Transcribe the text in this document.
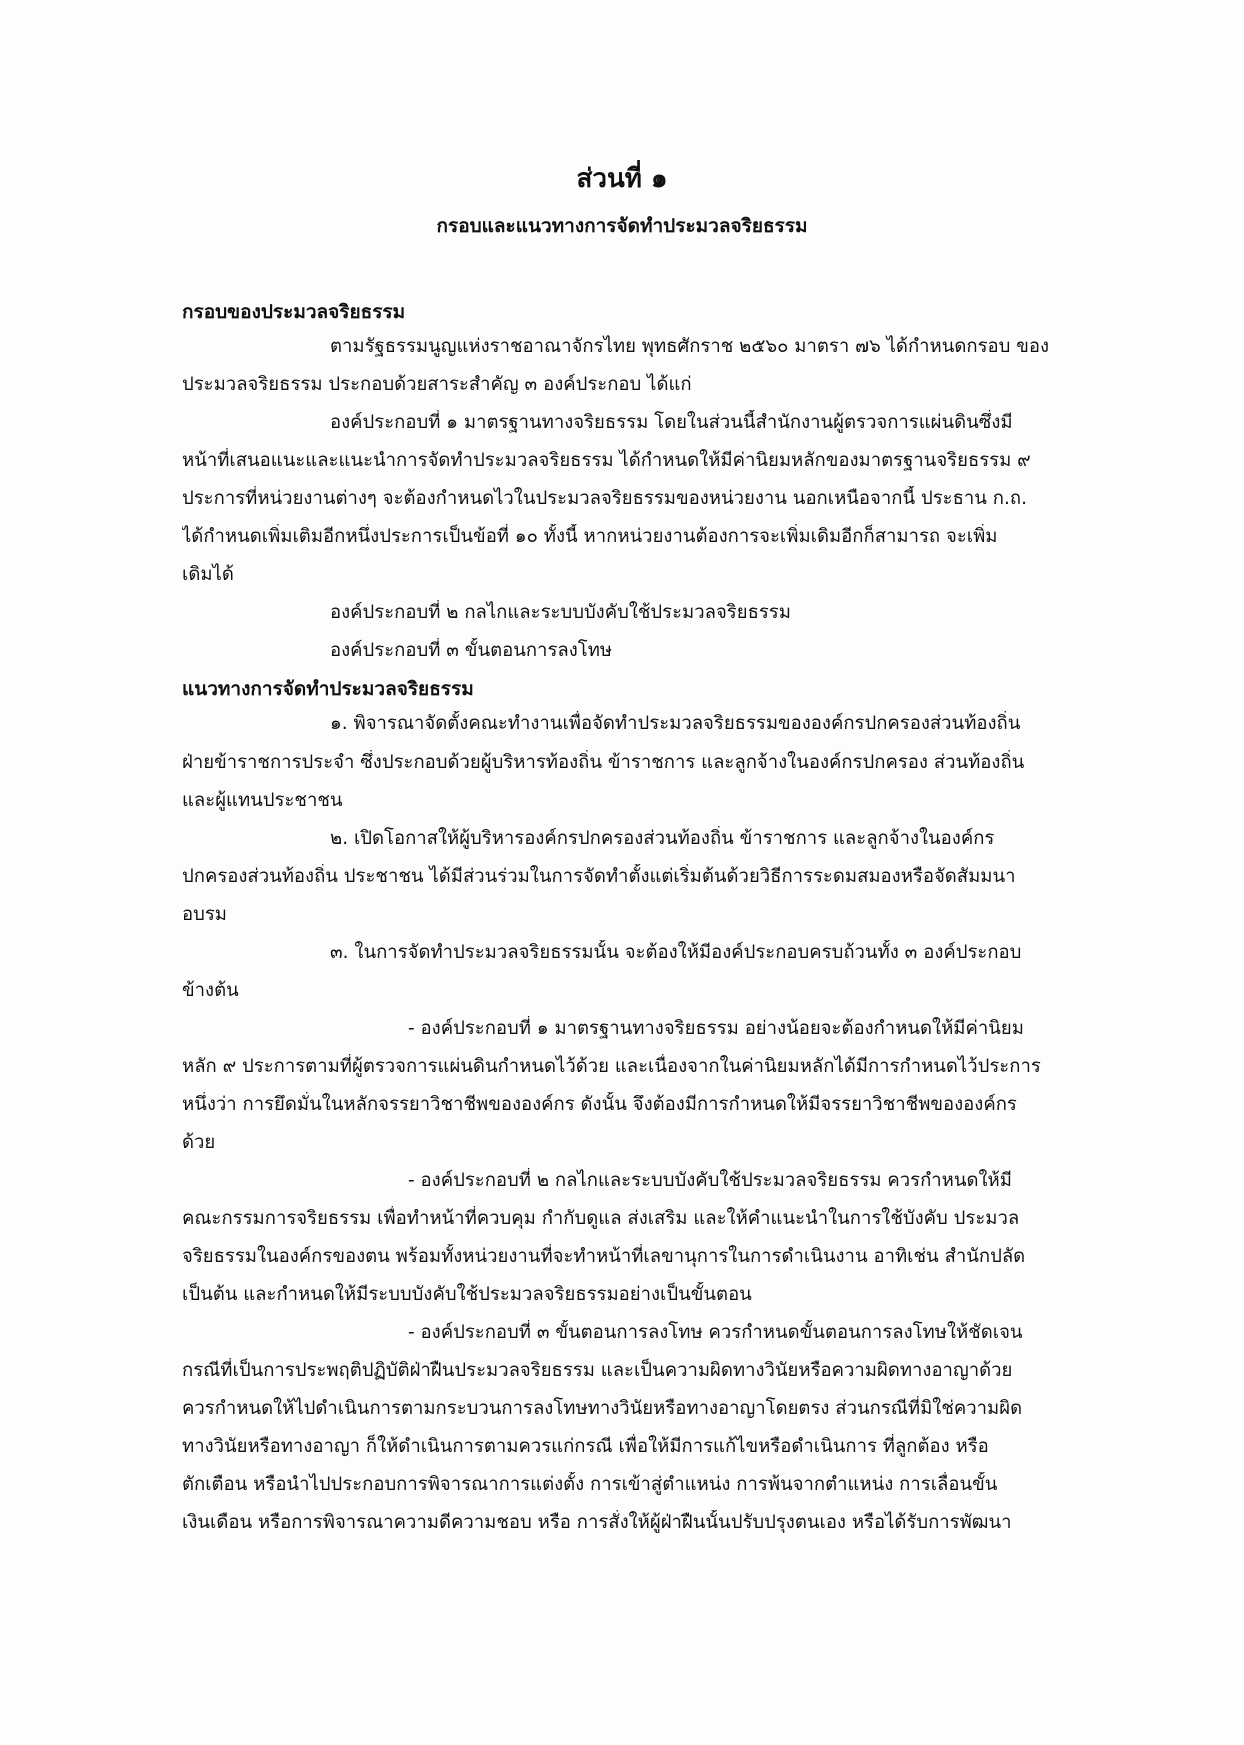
ส่วนที่ ๑
กรอบและแนวทางการจัดทำประมวลจริยธรรม
กรอบของประมวลจริยธรรม
ตามรัฐธรรมนูญแห่งราชอาณาจักรไทย พุทธศักราช ๒๕๖๐ มาตรา ๗๖ ได้กำหนดกรอบ ของ
ประมวลจริยธรรม ประกอบด้วยสาระสำคัญ ๓ องค์ประกอบ ได้แก่
องค์ประกอบที่ ๑ มาตรฐานทางจริยธรรม โดยในส่วนนี้สำนักงานผู้ตรวจการแผ่นดินซึ่งมี
หน้าที่เสนอแนะและแนะนำการจัดทำประมวลจริยธรรม ได้กำหนดให้มีค่านิยมหลักของมาตรฐานจริยธรรม ๙
ประการที่หน่วยงานต่างๆ จะต้องกำหนดไวในประมวลจริยธรรมของหน่วยงาน นอกเหนือจากนี้ ประธาน ก.ถ.
ได้กำหนดเพิ่มเติมอีกหนึ่งประการเป็นข้อที่ ๑๐ ทั้งนี้ หากหน่วยงานต้องการจะเพิ่มเดิมอีกก็สามารถ จะเพิ่ม
เดิมได้
องค์ประกอบที่ ๒ กลไกและระบบบังคับใช้ประมวลจริยธรรม
องค์ประกอบที่ ๓ ขั้นตอนการลงโทษ
แนวทางการจัดทำประมวลจริยธรรม
๑. พิจารณาจัดตั้งคณะทำงานเพื่อจัดทำประมวลจริยธรรมขององค์กรปกครองส่วนท้องถิ่น
ฝ่ายข้าราชการประจำ ซึ่งประกอบด้วยผู้บริหารท้องถิ่น ข้าราชการ และลูกจ้างในองค์กรปกครอง ส่วนท้องถิ่น
และผู้แทนประชาชน
๒. เปิดโอกาสให้ผู้บริหารองค์กรปกครองส่วนท้องถิ่น ข้าราชการ และลูกจ้างในองค์กร
ปกครองส่วนท้องถิ่น ประชาชน ได้มีส่วนร่วมในการจัดทำตั้งแต่เริ่มต้นด้วยวิธีการระดมสมองหรือจัดสัมมนา
อบรม
๓. ในการจัดทำประมวลจริยธรรมนั้น จะต้องให้มีองค์ประกอบครบถ้วนทั้ง ๓ องค์ประกอบ
ข้างต้น
- องค์ประกอบที่ ๑ มาตรฐานทางจริยธรรม อย่างน้อยจะต้องกำหนดให้มีค่านิยม
หลัก ๙ ประการตามที่ผู้ตรวจการแผ่นดินกำหนดไว้ด้วย และเนื่องจากในค่านิยมหลักได้มีการกำหนดไว้ประการ
หนึ่งว่า การยึดมั่นในหลักจรรยาวิชาชีพขององค์กร ดังนั้น จึงต้องมีการกำหนดให้มีจรรยาวิชาชีพขององค์กร
ด้วย
- องค์ประกอบที่ ๒ กลไกและระบบบังคับใช้ประมวลจริยธรรม ควรกำหนดให้มี
คณะกรรมการจริยธรรม เพื่อทำหน้าที่ควบคุม กำกับดูแล ส่งเสริม และให้คำแนะนำในการใช้บังคับ ประมวล
จริยธรรมในองค์กรของตน พร้อมทั้งหน่วยงานที่จะทำหน้าที่เลขานุการในการดำเนินงาน อาทิเช่น สำนักปลัด
เป็นต้น และกำหนดให้มีระบบบังคับใช้ประมวลจริยธรรมอย่างเป็นขั้นตอน
- องค์ประกอบที่ ๓ ขั้นตอนการลงโทษ ควรกำหนดขั้นตอนการลงโทษให้ชัดเจน
กรณีที่เป็นการประพฤติปฏิบัติฝ่าฝืนประมวลจริยธรรม และเป็นความผิดทางวินัยหรือความผิดทางอาญาด้วย
ควรกำหนดให้ไปดำเนินการตามกระบวนการลงโทษทางวินัยหรือทางอาญาโดยตรง ส่วนกรณีที่มิใช่ความผิด
ทางวินัยหรือทางอาญา ก็ให้ดำเนินการตามควรแก่กรณี เพื่อให้มีการแก้ไขหรือดำเนินการ ที่ลูกต้อง หรือ
ตักเตือน หรือนำไปประกอบการพิจารณาการแต่งตั้ง การเข้าสู่ตำแหน่ง การพ้นจากตำแหน่ง การเลื่อนขั้น
เงินเดือน หรือการพิจารณาความดีความชอบ หรือ การสั่งให้ผู้ฝ่าฝืนนั้นปรับปรุงตนเอง หรือได้รับการพัฒนา
